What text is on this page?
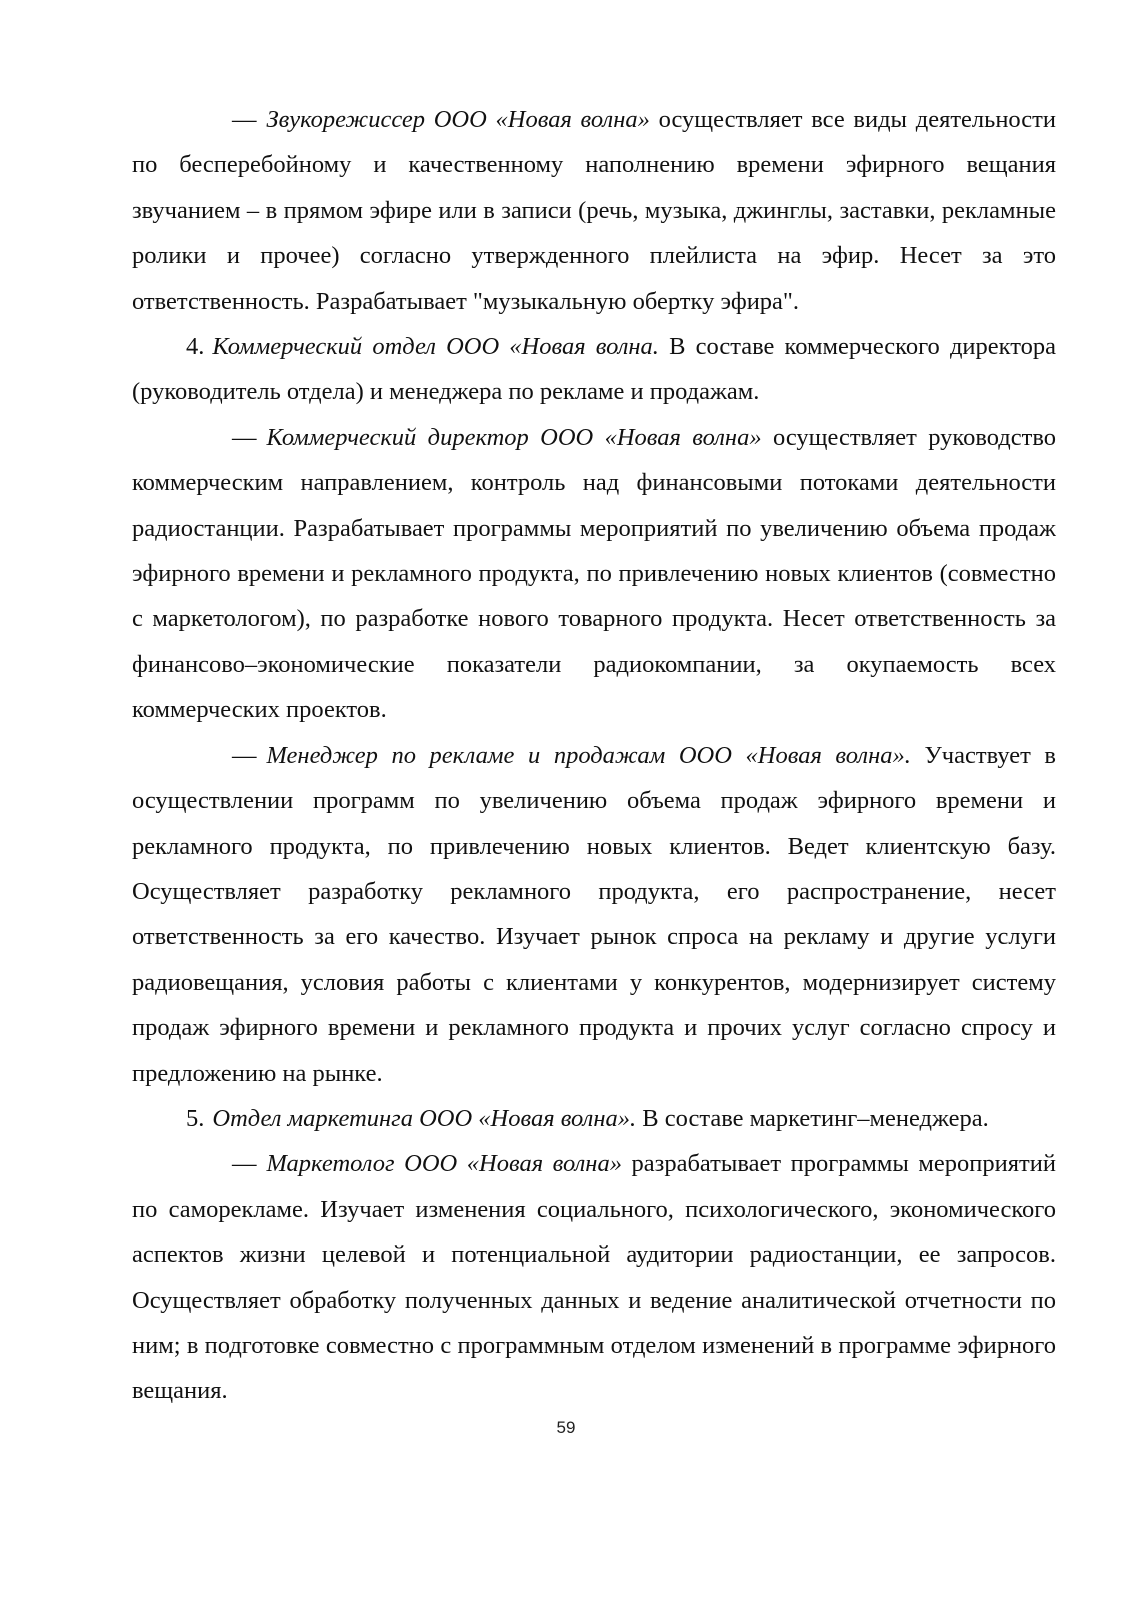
— Звукорежиссер ООО «Новая волна» осуществляет все виды деятельности по бесперебойному и качественному наполнению времени эфирного вещания звучанием – в прямом эфире или в записи (речь, музыка, джинглы, заставки, рекламные ролики и прочее) согласно утвержденного плейлиста на эфир. Несет за это ответственность. Разрабатывает "музыкальную обертку эфира".

4. Коммерческий отдел ООО «Новая волна. В составе коммерческого директора (руководитель отдела) и менеджера по рекламе и продажам.

— Коммерческий директор ООО «Новая волна» осуществляет руководство коммерческим направлением, контроль над финансовыми потоками деятельности радиостанции. Разрабатывает программы мероприятий по увеличению объема продаж эфирного времени и рекламного продукта, по привлечению новых клиентов (совместно с маркетологом), по разработке нового товарного продукта. Несет ответственность за финансово–экономические показатели радиокомпании, за окупаемость всех коммерческих проектов.

— Менеджер по рекламе и продажам ООО «Новая волна». Участвует в осуществлении программ по увеличению объема продаж эфирного времени и рекламного продукта, по привлечению новых клиентов. Ведет клиентскую базу. Осуществляет разработку рекламного продукта, его распространение, несет ответственность за его качество. Изучает рынок спроса на рекламу и другие услуги радиовещания, условия работы с клиентами у конкурентов, модернизирует систему продаж эфирного времени и рекламного продукта и прочих услуг согласно спросу и предложению на рынке.

5. Отдел маркетинга ООО «Новая волна». В составе маркетинг–менеджера.

— Маркетолог ООО «Новая волна» разрабатывает программы мероприятий по саморекламе. Изучает изменения социального, психологического, экономического аспектов жизни целевой и потенциальной аудитории радиостанции, ее запросов. Осуществляет обработку полученных данных и ведение аналитической отчетности по ним; в подготовке совместно с программным отделом изменений в программе эфирного вещания.

59
